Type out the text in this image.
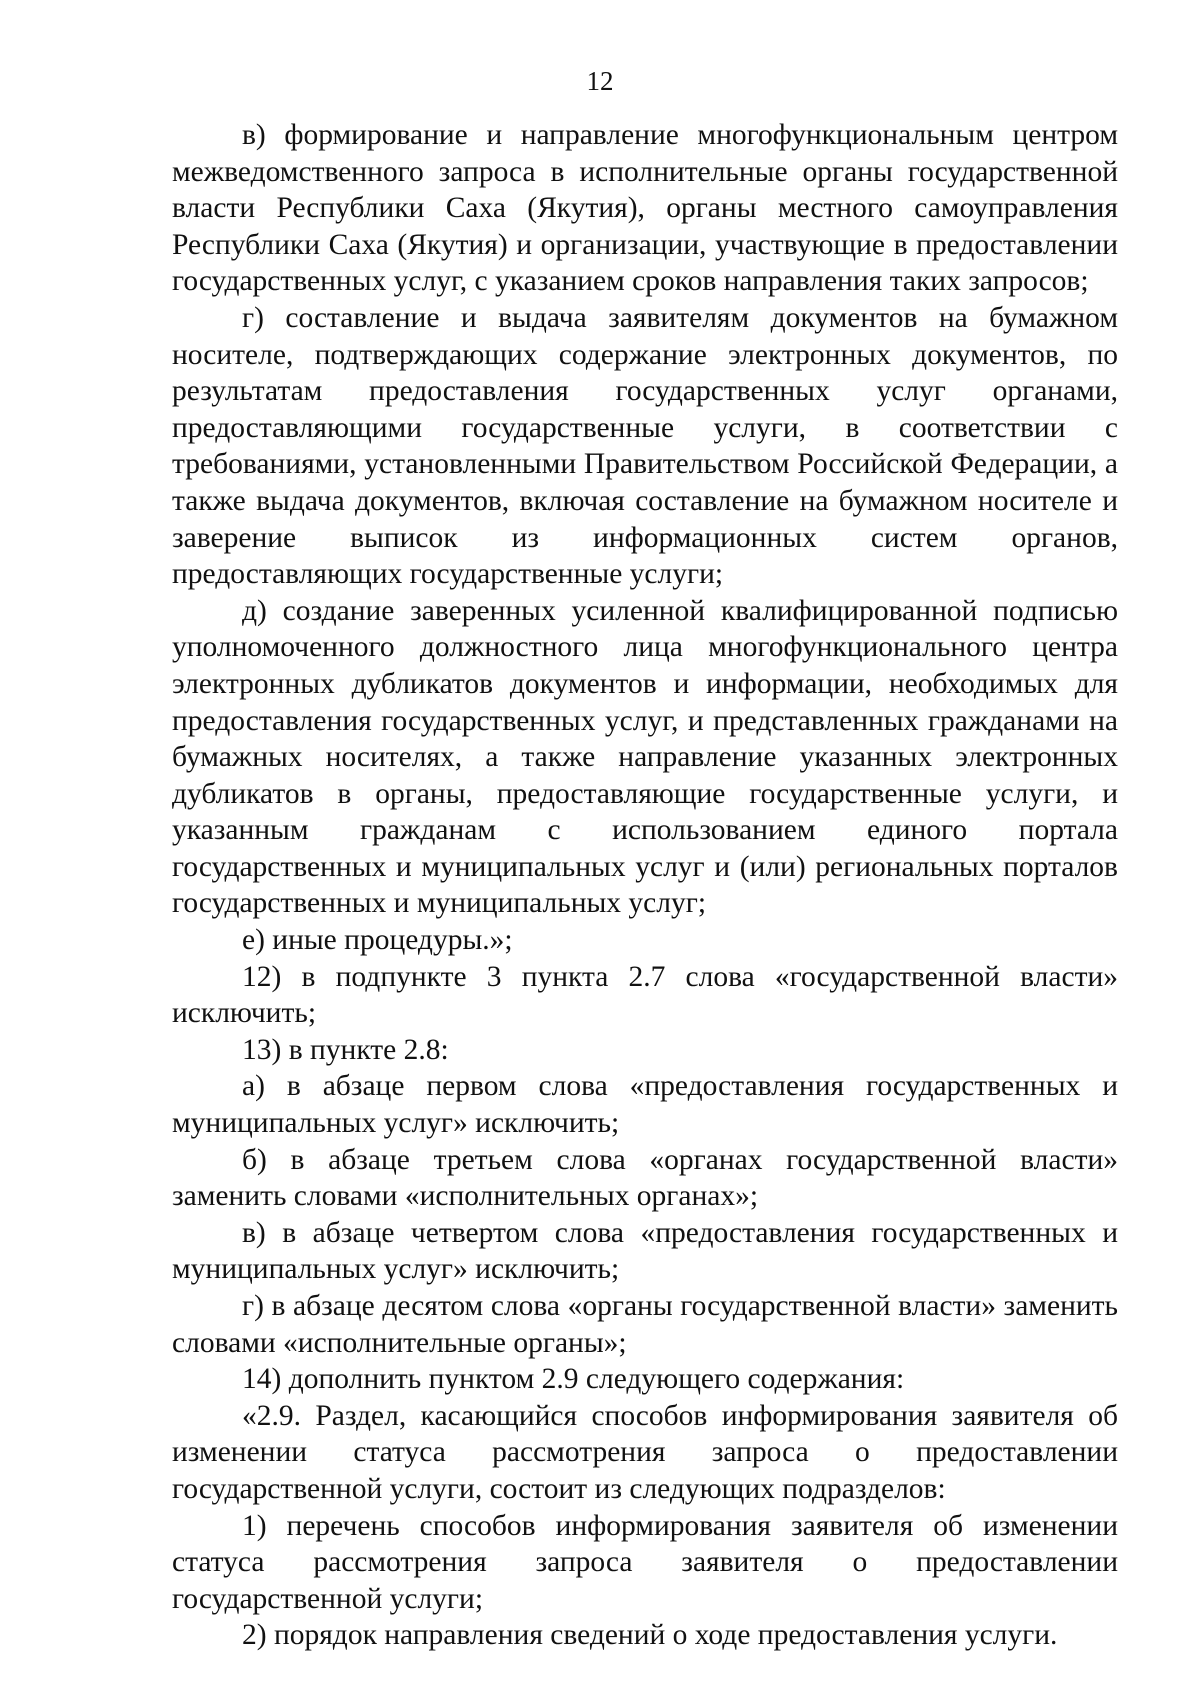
12

в) формирование и направление многофункциональным центром межведомственного запроса в исполнительные органы государственной власти Республики Саха (Якутия), органы местного самоуправления Республики Саха (Якутия) и организации, участвующие в предоставлении государственных услуг, с указанием сроков направления таких запросов;

г) составление и выдача заявителям документов на бумажном носителе, подтверждающих содержание электронных документов, по результатам предоставления государственных услуг органами, предоставляющими государственные услуги, в соответствии с требованиями, установленными Правительством Российской Федерации, а также выдача документов, включая составление на бумажном носителе и заверение выписок из информационных систем органов, предоставляющих государственные услуги;

д) создание заверенных усиленной квалифицированной подписью уполномоченного должностного лица многофункционального центра электронных дубликатов документов и информации, необходимых для предоставления государственных услуг, и представленных гражданами на бумажных носителях, а также направление указанных электронных дубликатов в органы, предоставляющие государственные услуги, и указанным гражданам с использованием единого портала государственных и муниципальных услуг и (или) региональных порталов государственных и муниципальных услуг;

е) иные процедуры.»;

12) в подпункте 3 пункта 2.7 слова «государственной власти» исключить;

13) в пункте 2.8:

а) в абзаце первом слова «предоставления государственных и муниципальных услуг» исключить;

б) в абзаце третьем слова «органах государственной власти» заменить словами «исполнительных органах»;

в) в абзаце четвертом слова «предоставления государственных и муниципальных услуг» исключить;

г) в абзаце десятом слова «органы государственной власти» заменить словами «исполнительные органы»;

14) дополнить пунктом 2.9 следующего содержания:

«2.9. Раздел, касающийся способов информирования заявителя об изменении статуса рассмотрения запроса о предоставлении государственной услуги, состоит из следующих подразделов:

1) перечень способов информирования заявителя об изменении статуса рассмотрения запроса заявителя о предоставлении государственной услуги;

2) порядок направления сведений о ходе предоставления услуги.
